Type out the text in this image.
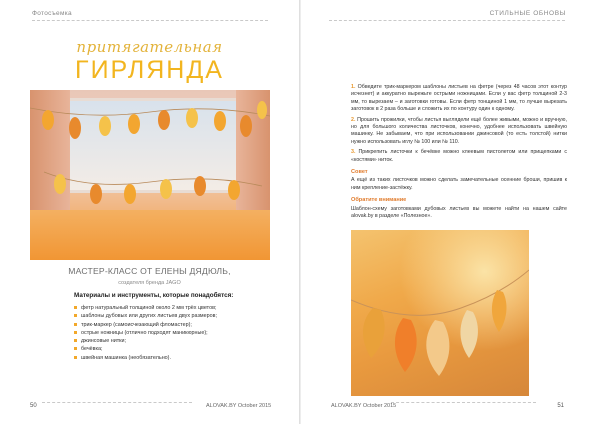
Фотосъемка
притягательная
ГИРЛЯНДА
МАСТЕР-КЛАСС ОТ ЕЛЕНЫ ДЯДЮЛЬ,
создателя бренда JAGO
Материалы и инструменты, которые понадобятся:
фетр натуральный толщиной около 2 мм трёх цветов;
шаблоны дубовых или других листьев двух размеров;
трик-маркер (самоисчезающий фломастер);
острые ножницы (отлично подходят маникюрные);
джинсовые нитки;
бечёвка;
швейная машинка (необязательно).
50	ALOVAK.BY October 2015
СТИЛЬНЫЕ ОБНОВЫ

1. Обведите трик-маркером шаблоны листьев на фетре (через 48 часов этот контур исчезнет) и аккуратно вырежьте острыми ножницами. Если у вас фетр толщиной 2-3 мм, то вырезаем – и заготовки готовы. Если фетр тонщиной 1 мм, то лучше вырезать заготовок в 2 раза больше и сложить их по контуру один к одному.

2. Прошить прожилки, чтобы листья выглядели ещё более живыми, можно и вручную, но для большого количества листочков, конечно, удобнее использовать швейную машинку. Не забываем, что при использовании джинсовой (то есть толстой) нитки нужно использовать иглу № 100 или № 110.

3. Прикрепить листочки к бечёвке можно клеевым пистолетом или прищепками с «костями» ниток.

Совет

А ещё из таких листочков можно сделать замечательные осенние броши, пришив к ним крепление-застёжку.

Обратите внимание

Шаблон-схему заготовками дубовых листьев вы можете найти на нашем сайте alovak.by в разделе «Полезное».

ALOVAK.BY October 2015	51
